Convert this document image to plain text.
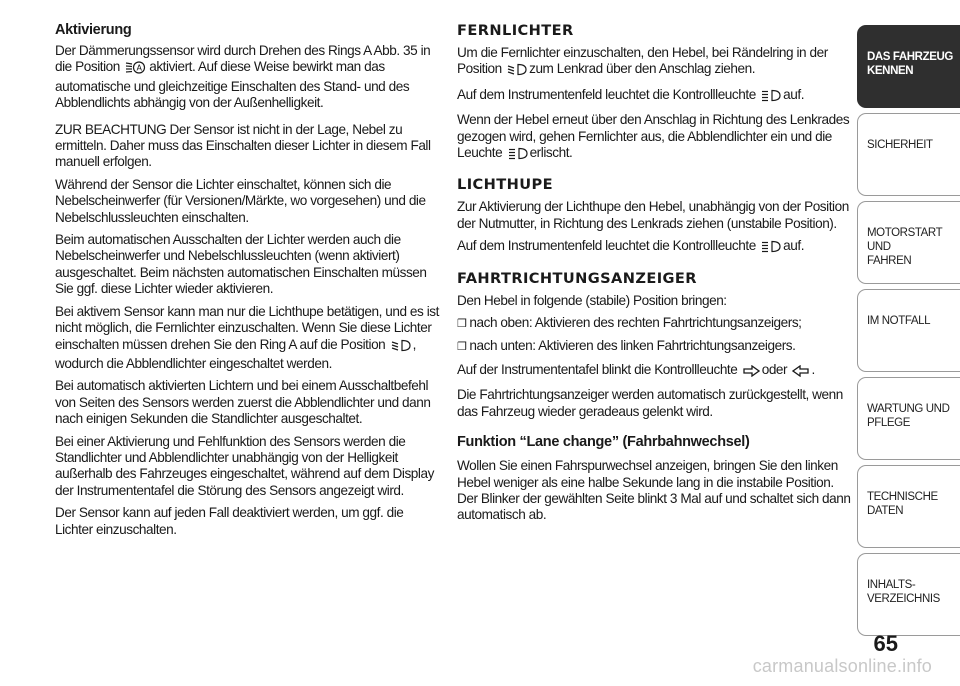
Aktivierung

Der Dämmerungssensor wird durch Drehen des Rings A Abb. 35 in die Position A aktiviert. Auf diese Weise bewirkt man das automatische und gleichzeitige Einschalten des Stand- und des Abblendlichts abhängig von der Außenhelligkeit.

ZUR BEACHTUNG Der Sensor ist nicht in der Lage, Nebel zu ermitteln. Daher muss das Einschalten dieser Lichter in diesem Fall manuell erfolgen.

Während der Sensor die Lichter einschaltet, können sich die Nebelscheinwerfer (für Versionen/Märkte, wo vorgesehen) und die Nebelschlussleuchten einschalten.

Beim automatischen Ausschalten der Lichter werden auch die Nebelscheinwerfer und Nebelschlussleuchten (wenn aktiviert) ausgeschaltet. Beim nächsten automatischen Einschalten müssen Sie ggf. diese Lichter wieder aktivieren.

Bei aktivem Sensor kann man nur die Lichthupe betätigen, und es ist nicht möglich, die Fernlichter einzuschalten. Wenn Sie diese Lichter einschalten müssen drehen Sie den Ring A auf die Position , wodurch die Abblendlichter eingeschaltet werden.

Bei automatisch aktivierten Lichtern und bei einem Ausschaltbefehl von Seiten des Sensors werden zuerst die Abblendlichter und dann nach einigen Sekunden die Standlichter ausgeschaltet.

Bei einer Aktivierung und Fehlfunktion des Sensors werden die Standlichter und Abblendlichter unabhängig von der Helligkeit außerhalb des Fahrzeuges eingeschaltet, während auf dem Display der Instrumententafel die Störung des Sensors angezeigt wird.

Der Sensor kann auf jeden Fall deaktiviert werden, um ggf. die Lichter einzuschalten.

FERNLICHTER

Um die Fernlichter einzuschalten, den Hebel, bei Rändelring in der Position zum Lenkrad über den Anschlag ziehen.

Auf dem Instrumentenfeld leuchtet die Kontrollleuchte auf.

Wenn der Hebel erneut über den Anschlag in Richtung des Lenkrades gezogen wird, gehen Fernlichter aus, die Abblendlichter ein und die Leuchte erlischt.

LICHTHUPE

Zur Aktivierung der Lichthupe den Hebel, unabhängig von der Position der Nutmutter, in Richtung des Lenkrads ziehen (unstabile Position).

Auf dem Instrumentenfeld leuchtet die Kontrollleuchte auf.

FAHRTRICHTUNGSANZEIGER

Den Hebel in folgende (stabile) Position bringen:

❒ nach oben: Aktivieren des rechten Fahrtrichtungsanzeigers;

❒ nach unten: Aktivieren des linken Fahrtrichtungsanzeigers.

Auf der Instrumententafel blinkt die Kontrollleuchte oder .

Die Fahrtrichtungsanzeiger werden automatisch zurückgestellt, wenn das Fahrzeug wieder geradeaus gelenkt wird.

Funktion “Lane change” (Fahrbahnwechsel)

Wollen Sie einen Fahrspurwechsel anzeigen, bringen Sie den linken Hebel weniger als eine halbe Sekunde lang in die instabile Position. Der Blinker der gewählten Seite blinkt 3 Mal auf und schaltet sich dann automatisch ab.

DAS FAHRZEUG
KENNEN
SICHERHEIT
MOTORSTART UND
FAHREN
IM NOTFALL
WARTUNG UND
PFLEGE
TECHNISCHE DATEN
INHALTS-
VERZEICHNIS
65
carmanualsonline.info
